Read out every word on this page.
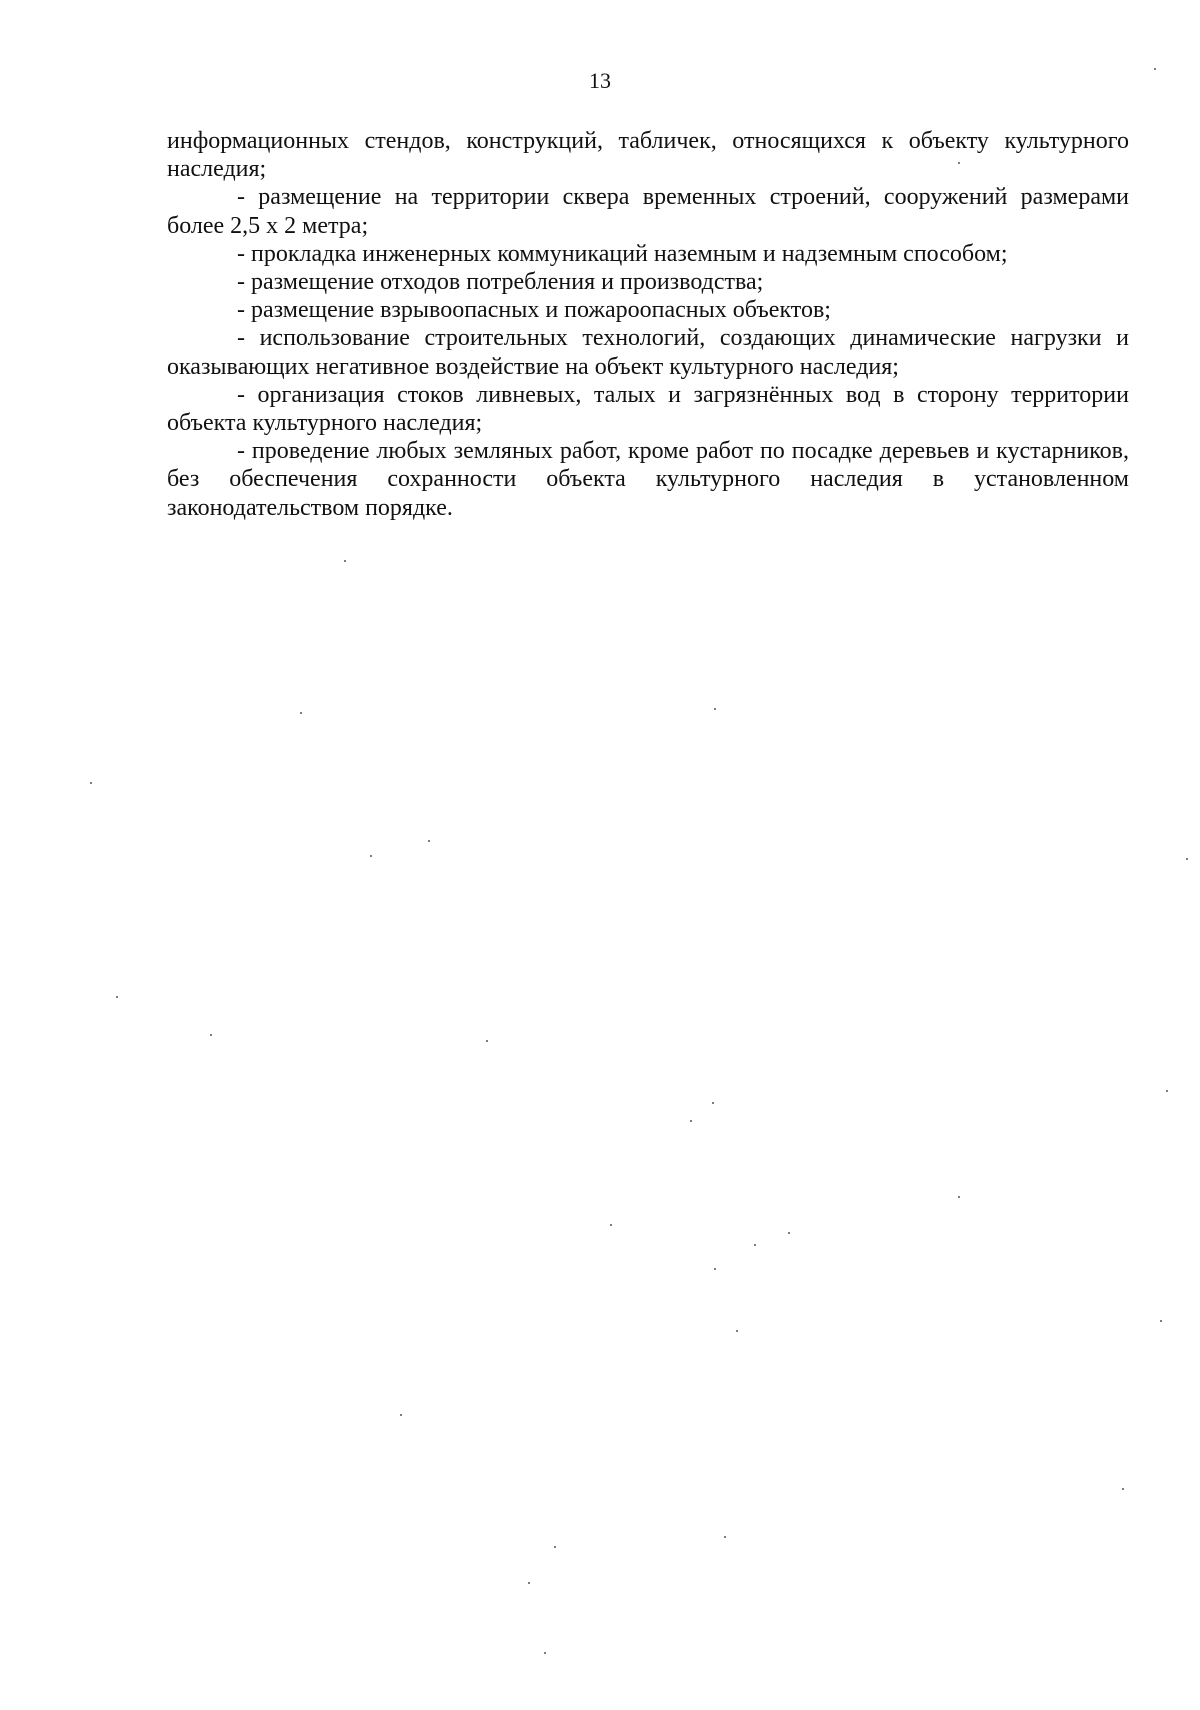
13

информационных стендов, конструкций, табличек, относящихся к объекту культурного наследия;

- размещение на территории сквера временных строений, сооружений размерами более 2,5 х 2 метра;

- прокладка инженерных коммуникаций наземным и надземным способом;

- размещение отходов потребления и производства;

- размещение взрывоопасных и пожароопасных объектов;

- использование строительных технологий, создающих динамические нагрузки и оказывающих негативное воздействие на объект культурного наследия;

- организация стоков ливневых, талых и загрязнённых вод в сторону территории объекта культурного наследия;

- проведение любых земляных работ, кроме работ по посадке деревьев и кустарников, без обеспечения сохранности объекта культурного наследия в установленном законодательством порядке.
